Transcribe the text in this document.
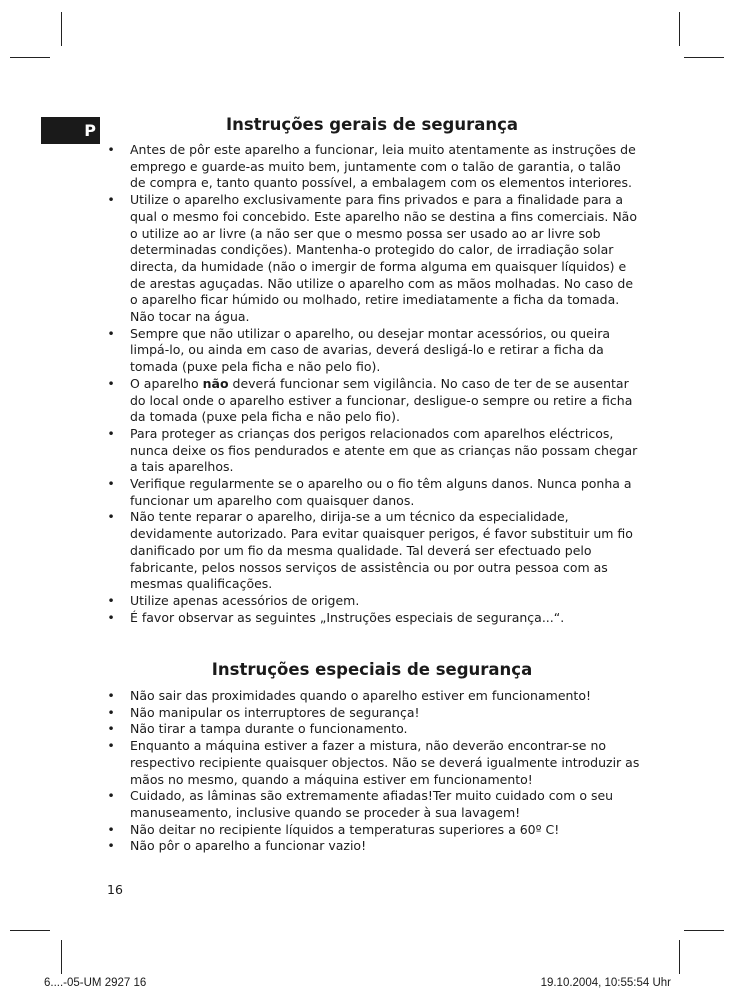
P	Instruções gerais de segurança
• Antes de pôr este aparelho a funcionar, leia muito atentamente as instruções de emprego e guarde-as muito bem, juntamente com o talão de garantia, o talão de compra e, tanto quanto possível, a embalagem com os elementos interiores.
• Utilize o aparelho exclusivamente para fins privados e para a finalidade para a qual o mesmo foi concebido. Este aparelho não se destina a fins comerciais. Não o utilize ao ar livre (a não ser que o mesmo possa ser usado ao ar livre sob determinadas condições). Mantenha-o protegido do calor, de irradiação solar directa, da humidade (não o imergir de forma alguma em quaisquer líquidos) e de arestas aguçadas. Não utilize o aparelho com as mãos molhadas. No caso de o aparelho ficar húmido ou molhado, retire imediatamente a ficha da tomada. Não tocar na água.
• Sempre que não utilizar o aparelho, ou desejar montar acessórios, ou queira limpá-lo, ou ainda em caso de avarias, deverá desligá-lo e retirar a ficha da tomada (puxe pela ficha e não pelo fio).
• O aparelho não deverá funcionar sem vigilância. No caso de ter de se ausentar do local onde o aparelho estiver a funcionar, desligue-o sempre ou retire a ficha da tomada (puxe pela ficha e não pelo fio).
• Para proteger as crianças dos perigos relacionados com aparelhos eléctricos, nunca deixe os fios pendurados e atente em que as crianças não possam chegar a tais aparelhos.
• Verifique regularmente se o aparelho ou o fio têm alguns danos. Nunca ponha a funcionar um aparelho com quaisquer danos.
• Não tente reparar o aparelho, dirija-se a um técnico da especialidade, devidamente autorizado. Para evitar quaisquer perigos, é favor substituir um fio danificado por um fio da mesma qualidade. Tal deverá ser efectuado pelo fabricante, pelos nossos serviços de assistência ou por outra pessoa com as mesmas qualificações.
• Utilize apenas acessórios de origem.
• É favor observar as seguintes „Instruções especiais de segurança...“.
Instruções especiais de segurança
• Não sair das proximidades quando o aparelho estiver em funcionamento!
• Não manipular os interruptores de segurança!
• Não tirar a tampa durante o funcionamento.
• Enquanto a máquina estiver a fazer a mistura, não deverão encontrar-se no respectivo recipiente quaisquer objectos. Não se deverá igualmente introduzir as mãos no mesmo, quando a máquina estiver em funcionamento!
• Cuidado, as lâminas são extremamente afiadas!Ter muito cuidado com o seu manuseamento, inclusive quando se proceder à sua lavagem!
• Não deitar no recipiente líquidos a temperaturas superiores a 60º C!
• Não pôr o aparelho a funcionar vazio!
16
6....-05-UM 2927 16	19.10.2004, 10:55:54 Uhr
